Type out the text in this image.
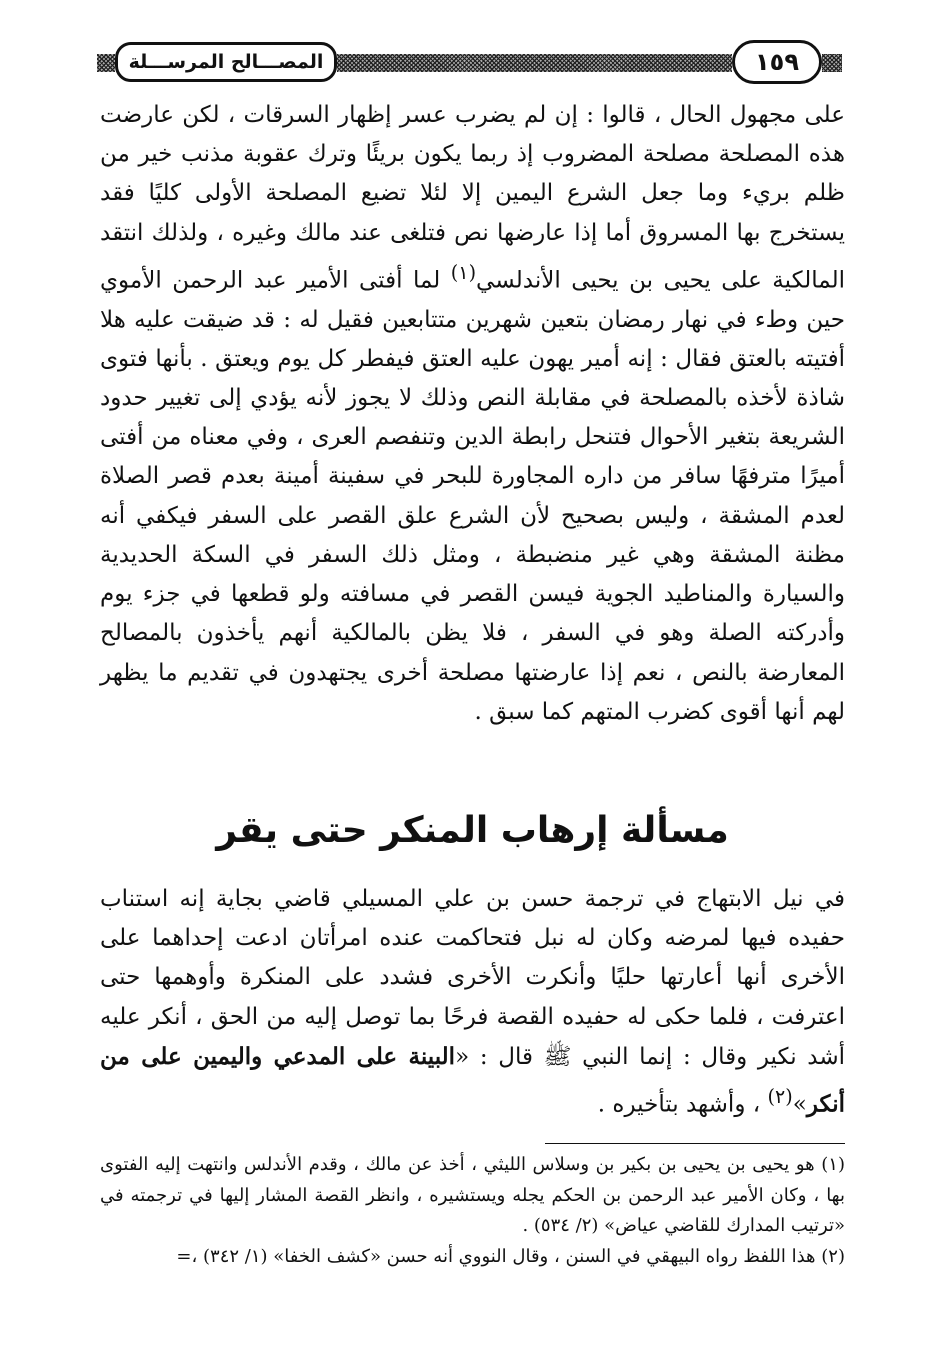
المصـــالح المرســـلة	١٥٩

على مجهول الحال ، قالوا : إن لم يضرب عسر إظهار السرقات ، لكن عارضت هذه المصلحة مصلحة المضروب إذ ربما يكون بريئًا وترك عقوبة مذنب خير من ظلم بريء وما جعل الشرع اليمين إلا لئلا تضيع المصلحة الأولى كليًا فقد يستخرج بها المسروق أما إذا عارضها نص فتلغى عند مالك وغيره ، ولذلك انتقد المالكية على يحيى بن يحيى الأندلسي$^{(١)}$ لما أفتى الأمير عبد الرحمن الأموي حين وطء في نهار رمضان بتعين شهرين متتابعين فقيل له : قد ضيقت عليه هلا أفتيته بالعتق فقال : إنه أمير يهون عليه العتق فيفطر كل يوم ويعتق . بأنها فتوى شاذة لأخذه بالمصلحة في مقابلة النص وذلك لا يجوز لأنه يؤدي إلى تغيير حدود الشريعة بتغير الأحوال فتنحل رابطة الدين وتنفصم العرى ، وفي معناه من أفتى أميرًا مترفهًا سافر من داره المجاورة للبحر في سفينة أمينة بعدم قصر الصلاة لعدم المشقة ، وليس بصحيح لأن الشرع علق القصر على السفر فيكفي أنه مظنة المشقة وهي غير منضبطة ، ومثل ذلك السفر في السكة الحديدية والسيارة والمناطيد الجوية فيسن القصر في مسافته ولو قطعها في جزء يوم وأدركته الصلة وهو في السفر ، فلا يظن بالمالكية أنهم يأخذون بالمصالح المعارضة بالنص ، نعم إذا عارضتها مصلحة أخرى يجتهدون في تقديم ما يظهر لهم أنها أقوى كضرب المتهم كما سبق .

مسألة إرهاب المنكر حتى يقر

في نيل الابتهاج في ترجمة حسن بن علي المسيلي قاضي بجاية إنه استناب حفيده فيها لمرضه وكان له نبل فتحاكمت عنده امرأتان ادعت إحداهما على الأخرى أنها أعارتها حليًا وأنكرت الأخرى فشدد على المنكرة وأوهمها حتى اعترفت ، فلما حكى له حفيده القصة فرحًا بما توصل إليه من الحق ، أنكر عليه أشد نكير وقال : إنما النبي ﷺ قال : «البينة على المدعي واليمين على من أنكر»$^{(٢)}$ ، وأشهد بتأخيره .

(١) هو يحيى بن يحيى بن بكير بن وسلاس الليثي ، أخذ عن مالك ، وقدم الأندلس وانتهت إليه الفتوى بها ، وكان الأمير عبد الرحمن بن الحكم يجله ويستشيره ، وانظر القصة المشار إليها في ترجمته في «ترتيب المدارك للقاضي عياض» (٢/ ٥٣٤) .

(٢) هذا اللفظ رواه البيهقي في السنن ، وقال النووي أنه حسن «كشف الخفا» (١/ ٣٤٢) ،=
